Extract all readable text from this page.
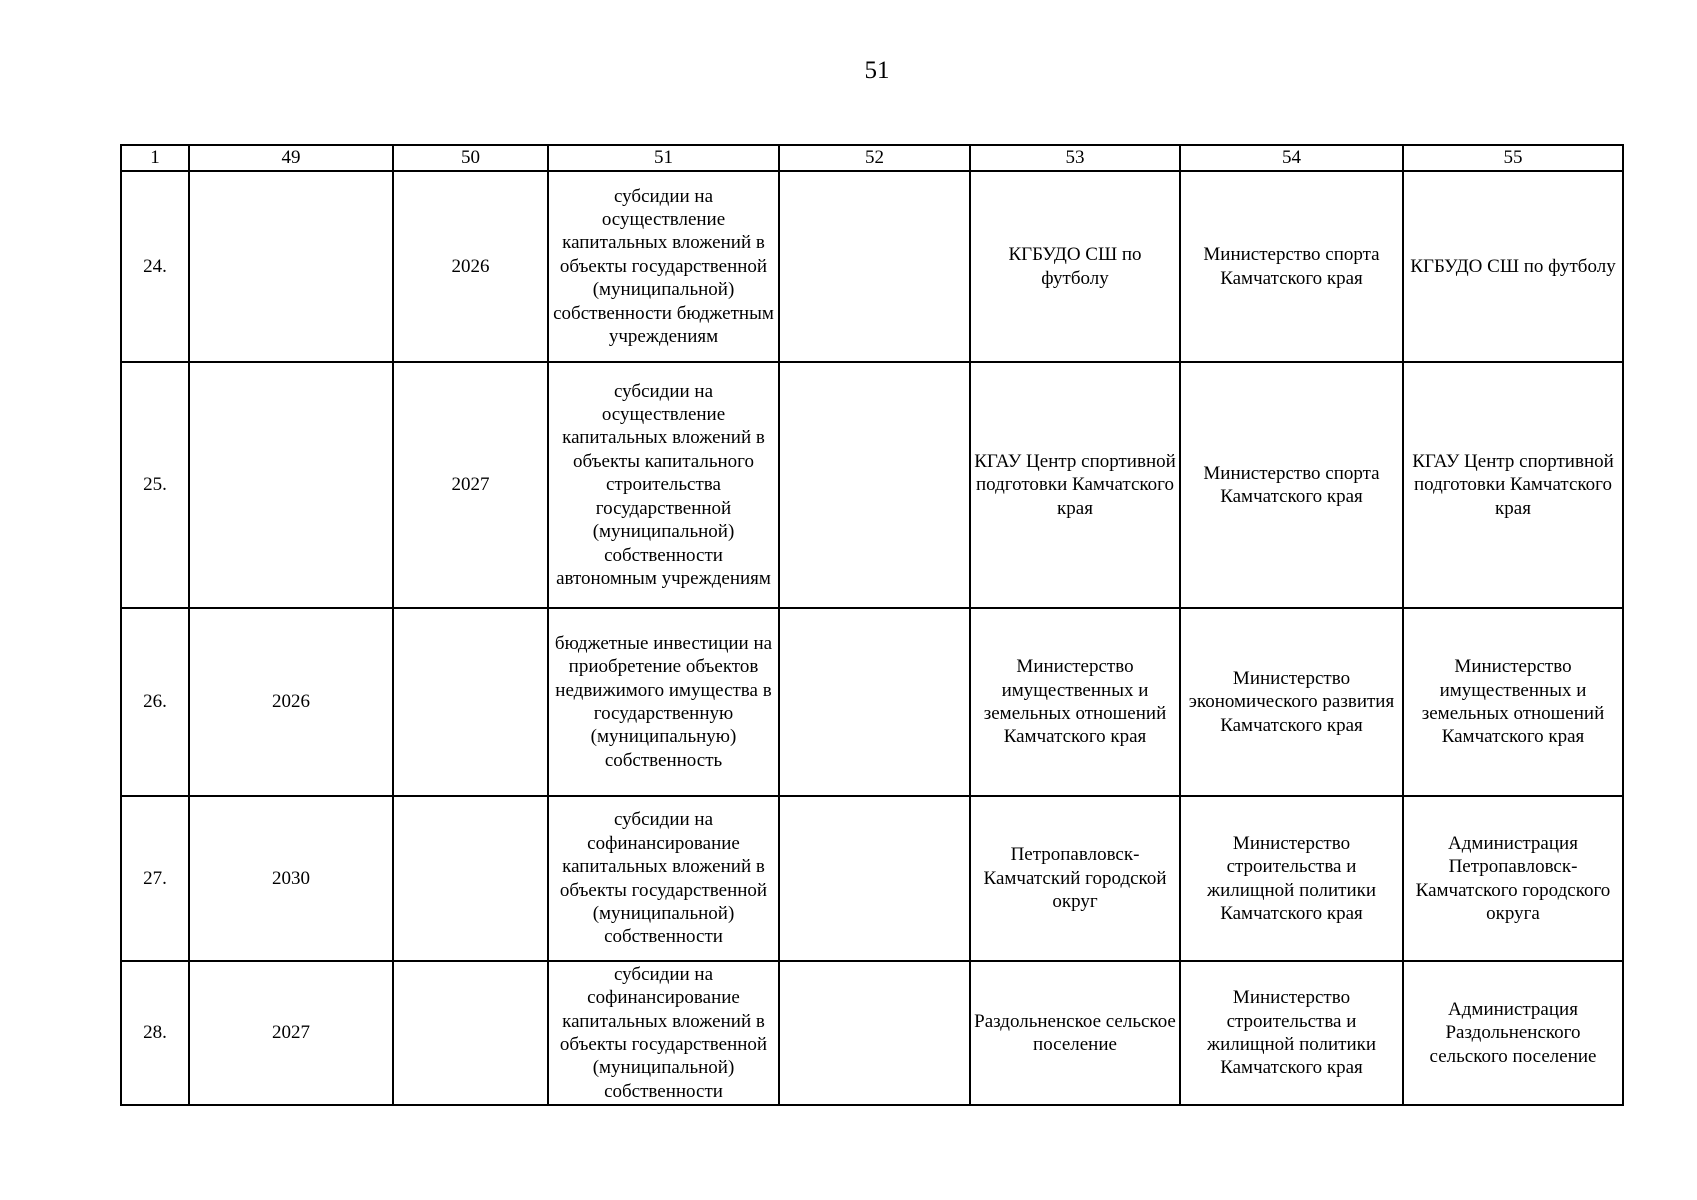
51
1	49	50	51	52	53	54	55
24.		2026	субсидии на осуществление капитальных вложений в объекты государственной (муниципальной) собственности бюджетным учреждениям		КГБУДО СШ по футболу	Министерство спорта Камчатского края	КГБУДО СШ по футболу
25.		2027	субсидии на осуществление капитальных вложений в объекты капитального строительства государственной (муниципальной) собственности автономным учреждениям		КГАУ Центр спортивной подготовки Камчатского края	Министерство спорта Камчатского края	КГАУ Центр спортивной подготовки Камчатского края
26.	2026		бюджетные инвестиции на приобретение объектов недвижимого имущества в государственную (муниципальную) собственность		Министерство имущественных и земельных отношений Камчатского края	Министерство экономического развития Камчатского края	Министерство имущественных и земельных отношений Камчатского края
27.	2030		субсидии на софинансирование капитальных вложений в объекты государственной (муниципальной) собственности		Петропавловск-Камчатский городской округ	Министерство строительства и жилищной политики Камчатского края	Администрация Петропавловск-Камчатского городского округа
28.	2027		субсидии на софинансирование капитальных вложений в объекты государственной (муниципальной) собственности		Раздольненское сельское поселение	Министерство строительства и жилищной политики Камчатского края	Администрация Раздольненского сельского поселение
